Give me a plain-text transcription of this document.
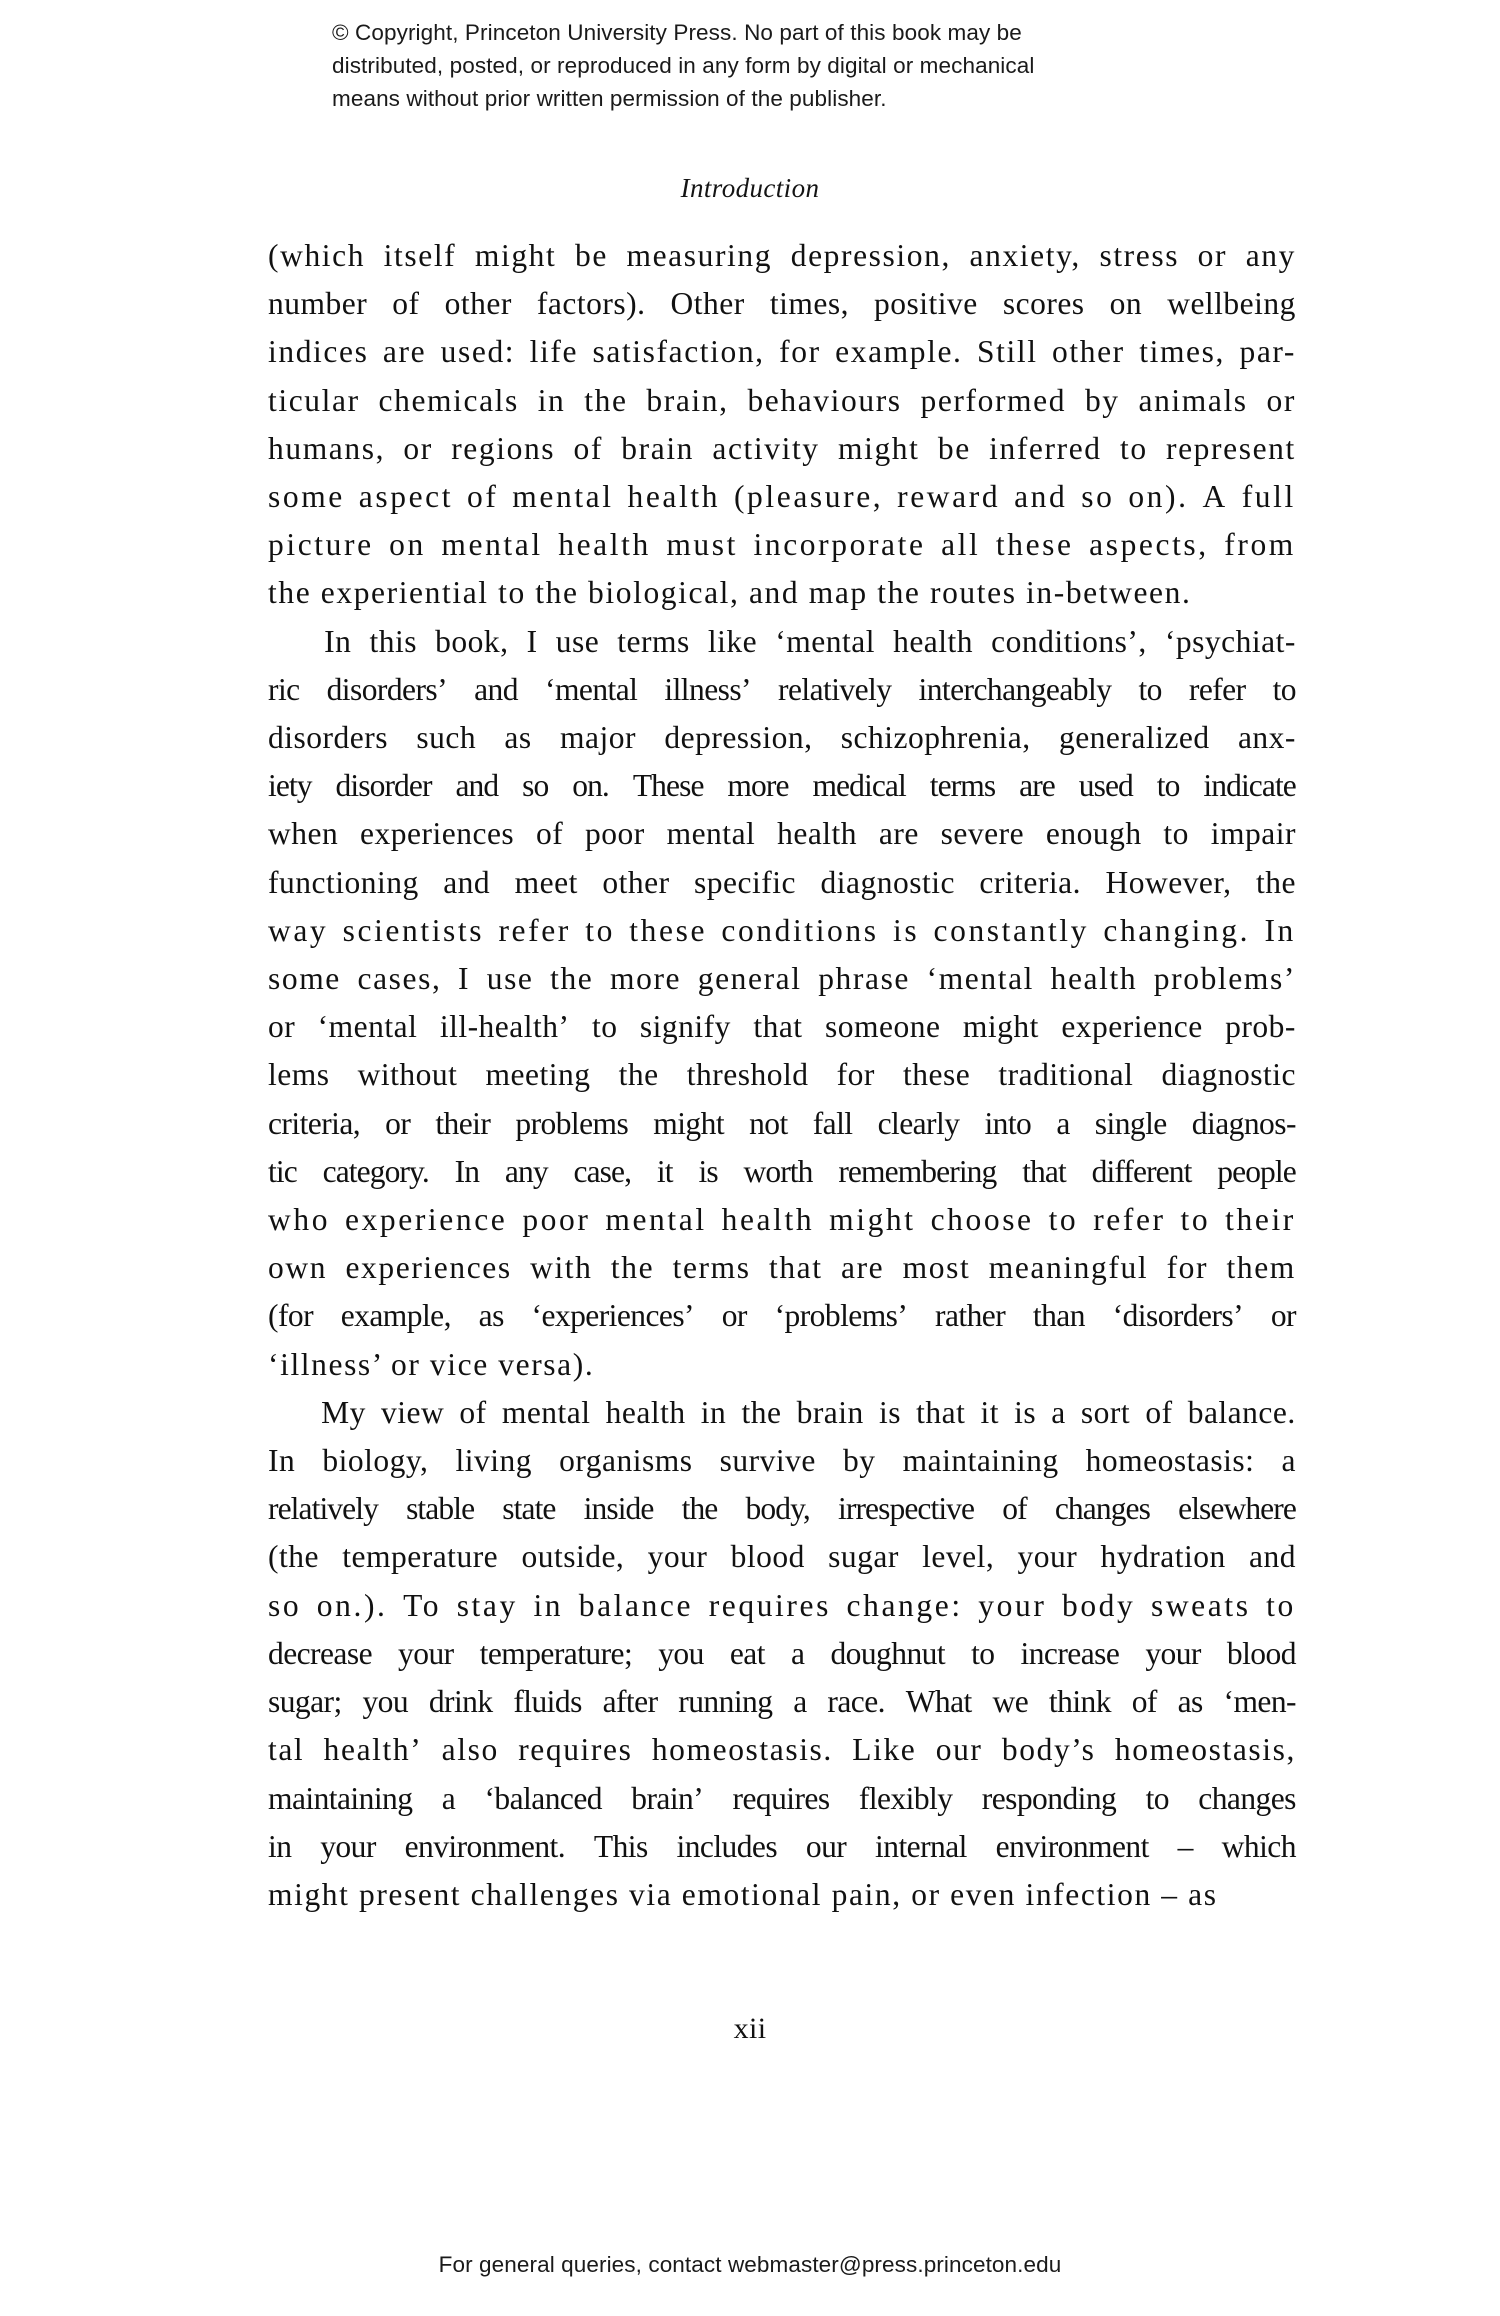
© Copyright, Princeton University Press. No part of this book may be
distributed, posted, or reproduced in any form by digital or mechanical
means without prior written permission of the publisher.
Introduction

(which itself might be measuring depression, anxiety, stress or any
number of other factors). Other times, positive scores on wellbeing
indices are used: life satisfaction, for example. Still other times, par-
ticular chemicals in the brain, behaviours performed by animals or
humans, or regions of brain activity might be inferred to represent
some aspect of mental health (pleasure, reward and so on). A full
picture on mental health must incorporate all these aspects, from
the experiential to the biological, and map the routes in-between.

In this book, I use terms like ‘mental health conditions’, ‘psychiat-
ric disorders’ and ‘mental illness’ relatively interchangeably to refer to
disorders such as major depression, schizophrenia, generalized anx-
iety disorder and so on. These more medical terms are used to indicate
when experiences of poor mental health are severe enough to impair
functioning and meet other specific diagnostic criteria. However, the
way scientists refer to these conditions is constantly changing. In
some cases, I use the more general phrase ‘mental health problems’
or ‘mental ill-health’ to signify that someone might experience prob-
lems without meeting the threshold for these traditional diagnostic
criteria, or their problems might not fall clearly into a single diagnos-
tic category. In any case, it is worth remembering that different people
who experience poor mental health might choose to refer to their
own experiences with the terms that are most meaningful for them
(for example, as ‘experiences’ or ‘problems’ rather than ‘disorders’ or
‘illness’ or vice versa).

My view of mental health in the brain is that it is a sort of balance.
In biology, living organisms survive by maintaining homeostasis: a
relatively stable state inside the body, irrespective of changes elsewhere
(the temperature outside, your blood sugar level, your hydration and
so on.). To stay in balance requires change: your body sweats to
decrease your temperature; you eat a doughnut to increase your blood
sugar; you drink fluids after running a race. What we think of as ‘men-
tal health’ also requires homeostasis. Like our body’s homeostasis,
maintaining a ‘balanced brain’ requires flexibly responding to changes
in your environment. This includes our internal environment – which
might present challenges via emotional pain, or even infection – as

xii
For general queries, contact webmaster@press.princeton.edu
